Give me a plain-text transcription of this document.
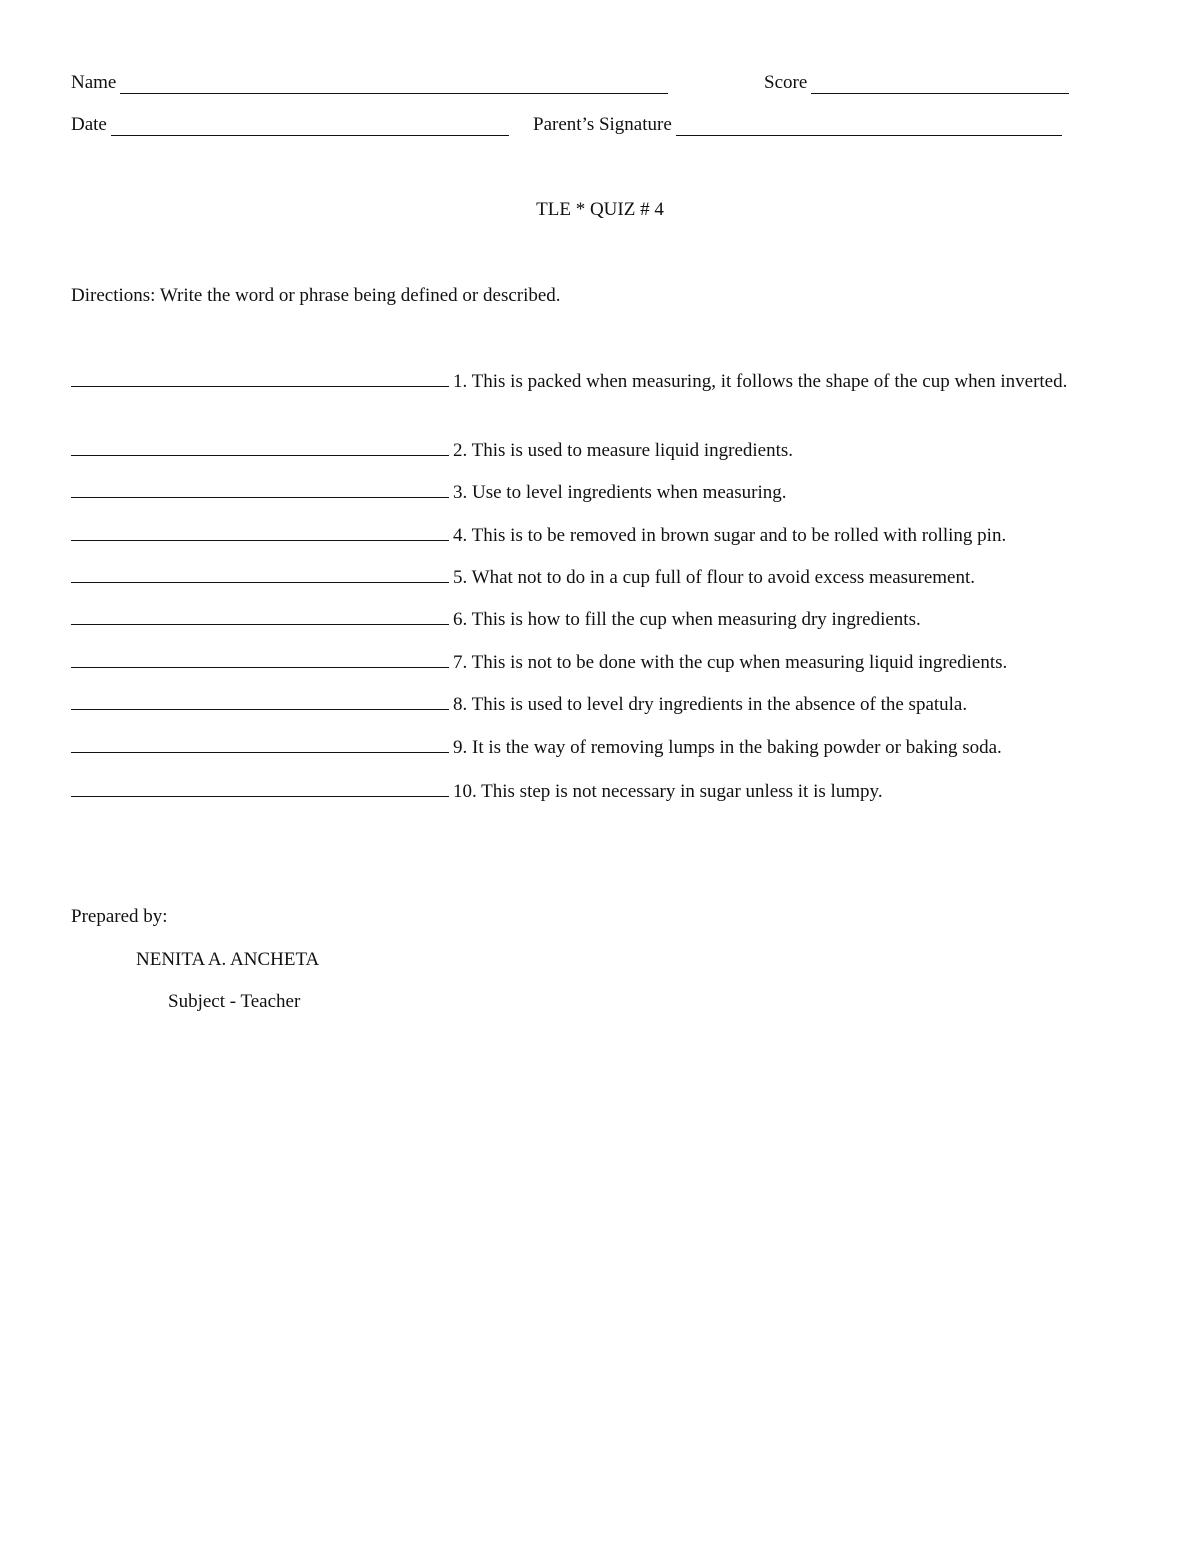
Name	Score
Date	Parent’s Signature
TLE * QUIZ # 4
Directions: Write the word or phrase being defined or described.
1. This is packed when measuring, it follows the shape of the cup when inverted.
2. This is used to measure liquid ingredients.
3. Use to level ingredients when measuring.
4. This is to be removed in brown sugar and to be rolled with rolling pin.
5. What not to do in a cup full of flour to avoid excess measurement.
6. This is how to fill the cup when measuring dry ingredients.
7. This is not to be done with the cup when measuring liquid ingredients.
8. This is used to level dry ingredients in the absence of the spatula.
9. It is the way of removing lumps in the baking powder or baking soda.
10. This step is not necessary in sugar unless it is lumpy.
Prepared by:
NENITA A. ANCHETA
Subject - Teacher
